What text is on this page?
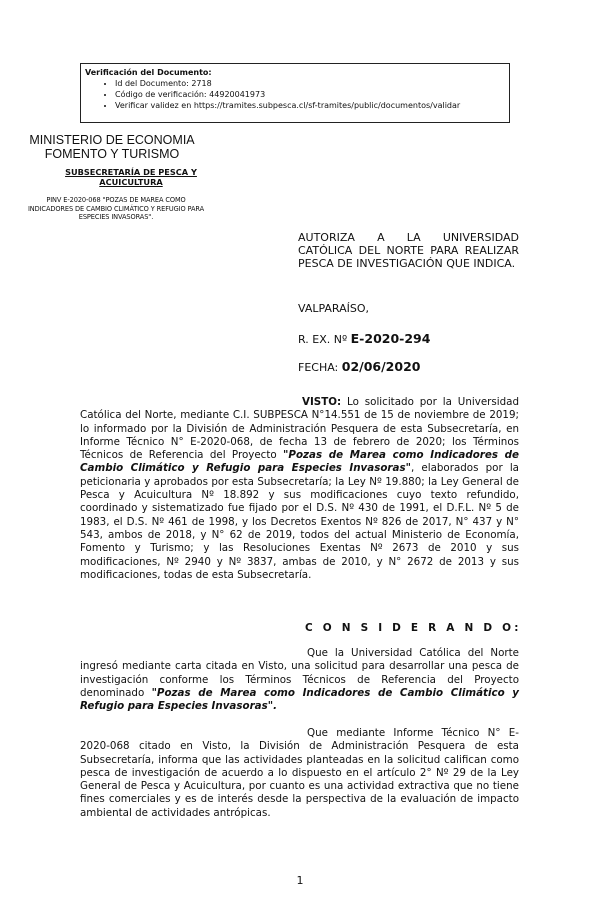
Verificación del Documento:
• Id del Documento: 2718
• Código de verificación: 44920041973
• Verificar validez en https://tramites.subpesca.cl/sf-tramites/public/documentos/validar
MINISTERIO DE ECONOMIA
FOMENTO Y TURISMO
SUBSECRETARÍA DE PESCA Y ACUICULTURA
PINV E-2020-068 "POZAS DE MAREA COMO INDICADORES DE CAMBIO CLIMÁTICO Y REFUGIO PARA ESPECIES INVASORAS".
AUTORIZA A LA UNIVERSIDAD CATÓLICA DEL NORTE PARA REALIZAR PESCA DE INVESTIGACIÓN QUE INDICA.
VALPARAÍSO,
R. EX. Nº E-2020-294
FECHA: 02/06/2020
VISTO: Lo solicitado por la Universidad Católica del Norte, mediante C.I. SUBPESCA N°14.551 de 15 de noviembre de 2019; lo informado por la División de Administración Pesquera de esta Subsecretaría, en Informe Técnico N° E-2020-068, de fecha 13 de febrero de 2020; los Términos Técnicos de Referencia del Proyecto "Pozas de Marea como Indicadores de Cambio Climático y Refugio para Especies Invasoras", elaborados por la peticionaria y aprobados por esta Subsecretaría; la Ley Nº 19.880; la Ley General de Pesca y Acuicultura Nº 18.892 y sus modificaciones cuyo texto refundido, coordinado y sistematizado fue fijado por el D.S. Nº 430 de 1991, el D.F.L. Nº 5 de 1983, el D.S. Nº 461 de 1998, y los Decretos Exentos Nº 826 de 2017, N° 437 y N° 543, ambos de 2018, y N° 62 de 2019, todos del actual Ministerio de Economía, Fomento y Turismo; y las Resoluciones Exentas Nº 2673 de 2010 y sus modificaciones, Nº 2940 y Nº 3837, ambas de 2010, y N° 2672 de 2013 y sus modificaciones, todas de esta Subsecretaría.
C O N S I D E R A N D O:
Que la Universidad Católica del Norte ingresó mediante carta citada en Visto, una solicitud para desarrollar una pesca de investigación conforme los Términos Técnicos de Referencia del Proyecto denominado "Pozas de Marea como Indicadores de Cambio Climático y Refugio para Especies Invasoras".
Que mediante Informe Técnico N° E-2020-068 citado en Visto, la División de Administración Pesquera de esta Subsecretaría, informa que las actividades planteadas en la solicitud califican como pesca de investigación de acuerdo a lo dispuesto en el artículo 2° Nº 29 de la Ley General de Pesca y Acuicultura, por cuanto es una actividad extractiva que no tiene fines comerciales y es de interés desde la perspectiva de la evaluación de impacto ambiental de actividades antrópicas.
1
